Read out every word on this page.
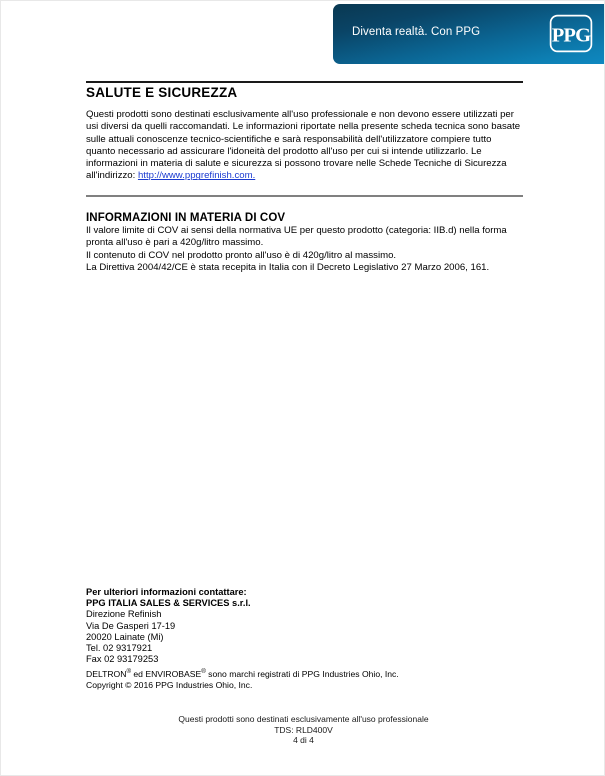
Diventa realtà. Con PPG	PPG
SALUTE E SICUREZZA
Questi prodotti sono destinati esclusivamente all'uso professionale e non devono essere utilizzati per usi diversi da quelli raccomandati. Le informazioni riportate nella presente scheda tecnica sono basate sulle attuali conoscenze tecnico-scientifiche e sarà responsabilità dell'utilizzatore compiere tutto quanto necessario ad assicurare l'idoneità del prodotto all'uso per cui si intende utilizzarlo. Le informazioni in materia di salute e sicurezza si possono trovare nelle Schede Tecniche di Sicurezza all'indirizzo: http://www.ppgrefinish.com.
INFORMAZIONI IN MATERIA DI COV
Il valore limite di COV ai sensi della normativa UE per questo prodotto (categoria: IIB.d) nella forma pronta all'uso è pari a 420g/litro massimo.
Il contenuto di COV nel prodotto pronto all'uso è di 420g/litro al massimo.
La Direttiva 2004/42/CE è stata recepita in Italia con il Decreto Legislativo 27 Marzo 2006, 161.
Per ulteriori informazioni contattare:
PPG ITALIA SALES & SERVICES s.r.l.
Direzione Refinish
Via De Gasperi 17-19
20020 Lainate (Mi)
Tel. 02 9317921
Fax 02 93179253
DELTRON® ed ENVIROBASE® sono marchi registrati di PPG Industries Ohio, Inc.
Copyright © 2016 PPG Industries Ohio, Inc.
Questi prodotti sono destinati esclusivamente all'uso professionale
TDS: RLD400V
4 di 4
